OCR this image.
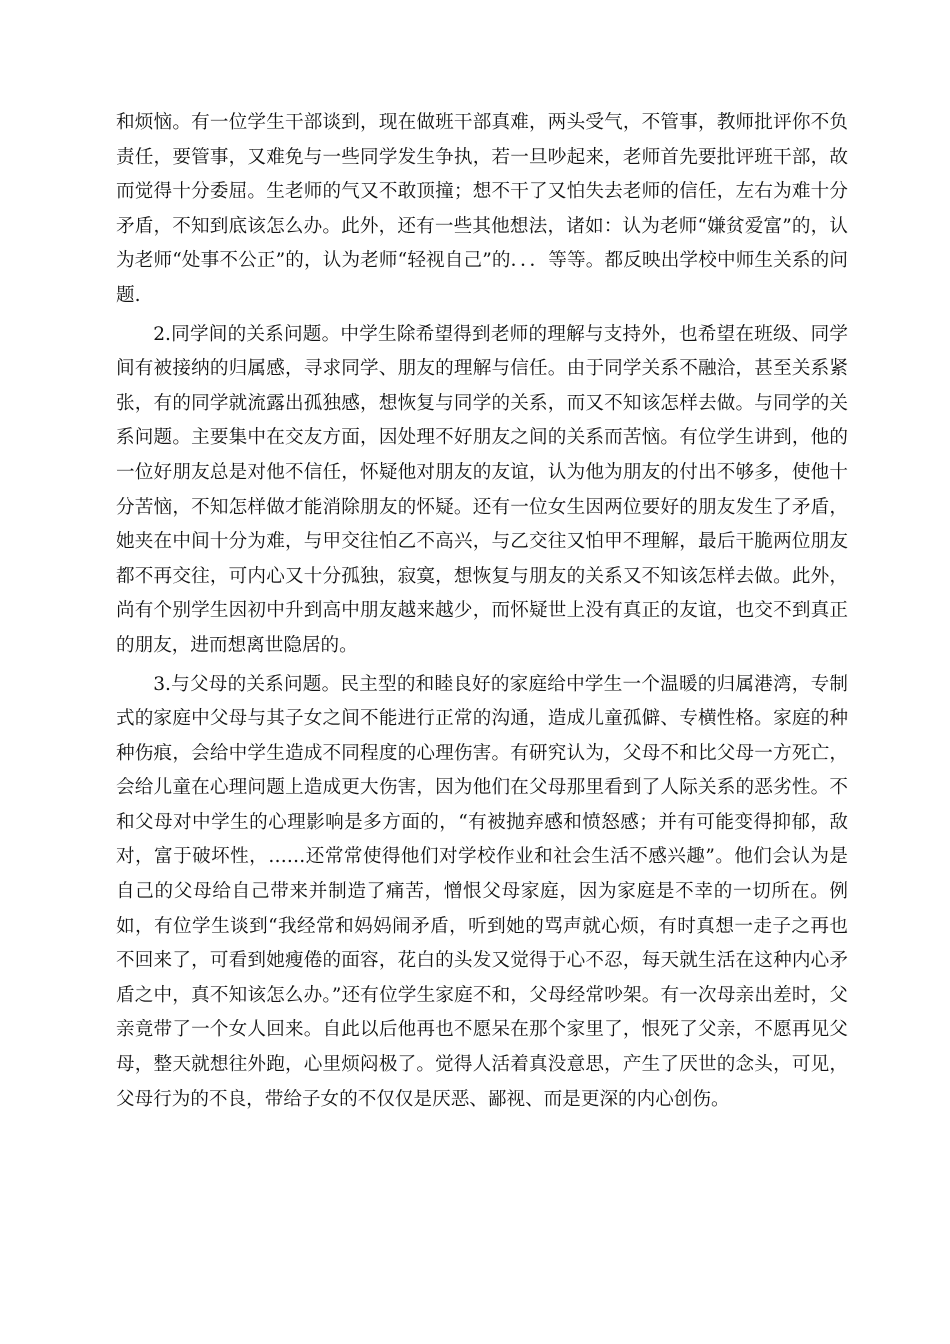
和烦恼。有一位学生干部谈到，现在做班干部真难，两头受气，不管事，教师批评你不负责任，要管事，又难免与一些同学发生争执，若一旦吵起来，老师首先要批评班干部，故而觉得十分委屈。生老师的气又不敢顶撞；想不干了又怕失去老师的信任，左右为难十分矛盾，不知到底该怎么办。此外，还有一些其他想法，诸如：认为老师“嫌贫爱富”的，认为老师“处事不公正”的，认为老师“轻视自己”的．．．等等。都反映出学校中师生关系的问题.

2.同学间的关系问题。中学生除希望得到老师的理解与支持外，也希望在班级、同学间有被接纳的归属感，寻求同学、朋友的理解与信任。由于同学关系不融洽，甚至关系紧张，有的同学就流露出孤独感，想恢复与同学的关系，而又不知该怎样去做。与同学的关系问题。主要集中在交友方面，因处理不好朋友之间的关系而苦恼。有位学生讲到，他的一位好朋友总是对他不信任，怀疑他对朋友的友谊，认为他为朋友的付出不够多，使他十分苦恼，不知怎样做才能消除朋友的怀疑。还有一位女生因两位要好的朋友发生了矛盾，她夹在中间十分为难，与甲交往怕乙不高兴，与乙交往又怕甲不理解，最后干脆两位朋友都不再交往，可内心又十分孤独，寂寞，想恢复与朋友的关系又不知该怎样去做。此外，尚有个别学生因初中升到高中朋友越来越少，而怀疑世上没有真正的友谊，也交不到真正的朋友，进而想离世隐居的。

3.与父母的关系问题。民主型的和睦良好的家庭给中学生一个温暖的归属港湾，专制式的家庭中父母与其子女之间不能进行正常的沟通，造成儿童孤僻、专横性格。家庭的种种伤痕，会给中学生造成不同程度的心理伤害。有研究认为，父母不和比父母一方死亡，会给儿童在心理问题上造成更大伤害，因为他们在父母那里看到了人际关系的恶劣性。不和父母对中学生的心理影响是多方面的，“有被抛弃感和愤怒感；并有可能变得抑郁，敌对，富于破坏性，……还常常使得他们对学校作业和社会生活不感兴趣”。他们会认为是自己的父母给自己带来并制造了痛苦，憎恨父母家庭，因为家庭是不幸的一切所在。例如，有位学生谈到“我经常和妈妈闹矛盾，听到她的骂声就心烦，有时真想一走子之再也不回来了，可看到她瘦倦的面容，花白的头发又觉得于心不忍，每天就生活在这种内心矛盾之中，真不知该怎么办。”还有位学生家庭不和，父母经常吵架。有一次母亲出差时，父亲竟带了一个女人回来。自此以后他再也不愿呆在那个家里了，恨死了父亲，不愿再见父母，整天就想往外跑，心里烦闷极了。觉得人活着真没意思，产生了厌世的念头，可见，父母行为的不良，带给子女的不仅仅是厌恶、鄙视、而是更深的内心创伤。
